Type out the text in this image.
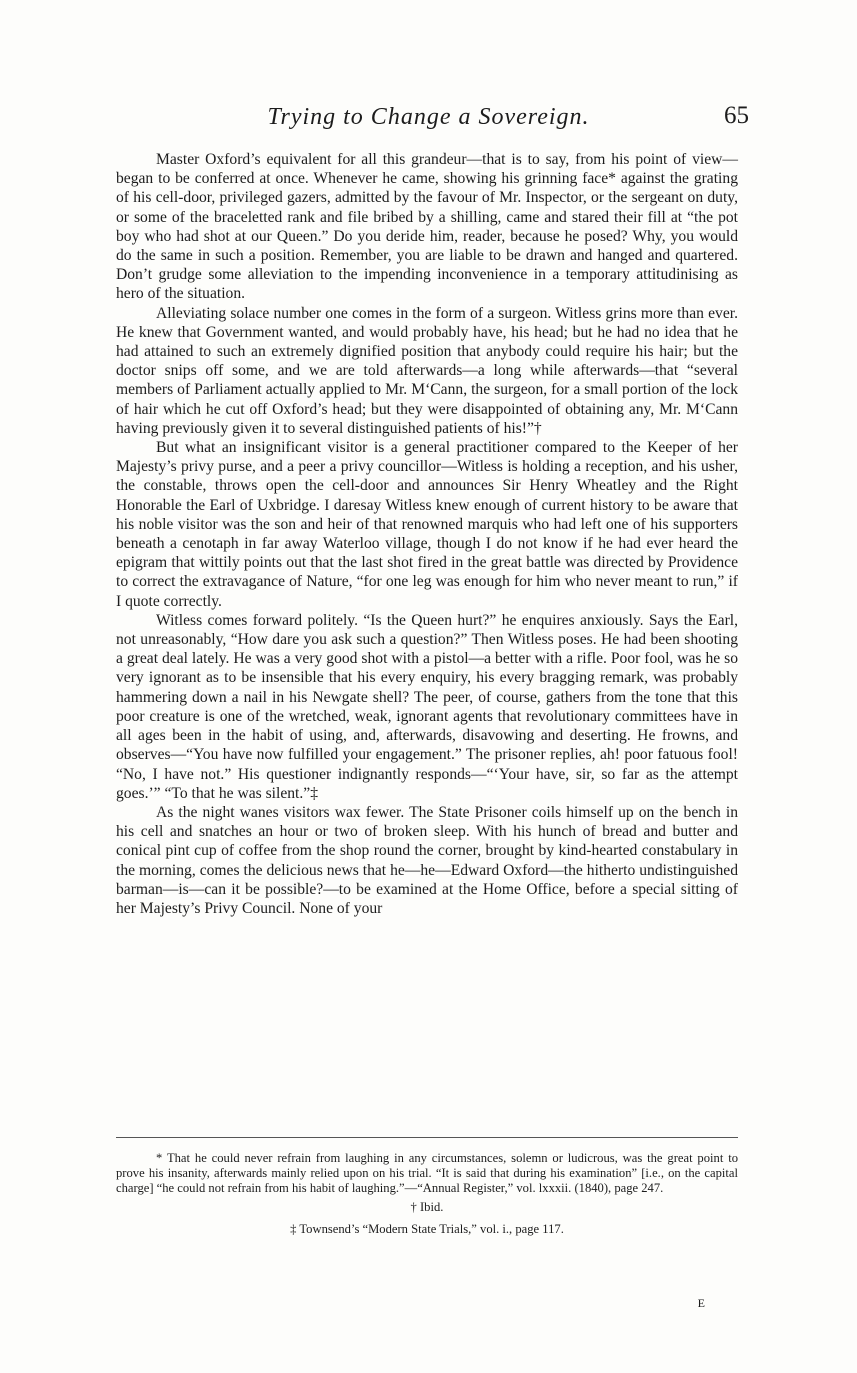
Trying to Change a Sovereign.	65

Master Oxford’s equivalent for all this grandeur—that is to say, from his point of view—began to be conferred at once. Whenever he came, showing his grinning face* against the grating of his cell-door, privileged gazers, admitted by the favour of Mr. Inspector, or the sergeant on duty, or some of the braceletted rank and file bribed by a shilling, came and stared their fill at “the pot boy who had shot at our Queen.” Do you deride him, reader, because he posed? Why, you would do the same in such a position. Remember, you are liable to be drawn and hanged and quartered. Don’t grudge some alleviation to the impending inconvenience in a temporary attitudinising as hero of the situation.

Alleviating solace number one comes in the form of a surgeon. Witless grins more than ever. He knew that Government wanted, and would probably have, his head; but he had no idea that he had attained to such an extremely dignified position that anybody could require his hair; but the doctor snips off some, and we are told afterwards—a long while afterwards—that “several members of Parliament actually applied to Mr. M‘Cann, the surgeon, for a small portion of the lock of hair which he cut off Oxford’s head; but they were disappointed of obtaining any, Mr. M‘Cann having previously given it to several distinguished patients of his!”†

But what an insignificant visitor is a general practitioner compared to the Keeper of her Majesty’s privy purse, and a peer a privy councillor—Witless is holding a reception, and his usher, the constable, throws open the cell-door and announces Sir Henry Wheatley and the Right Honorable the Earl of Uxbridge. I daresay Witless knew enough of current history to be aware that his noble visitor was the son and heir of that renowned marquis who had left one of his supporters beneath a cenotaph in far away Waterloo village, though I do not know if he had ever heard the epigram that wittily points out that the last shot fired in the great battle was directed by Providence to correct the extravagance of Nature, “for one leg was enough for him who never meant to run,” if I quote correctly.

Witless comes forward politely. “Is the Queen hurt?” he enquires anxiously. Says the Earl, not unreasonably, “How dare you ask such a question?” Then Witless poses. He had been shooting a great deal lately. He was a very good shot with a pistol—a better with a rifle. Poor fool, was he so very ignorant as to be insensible that his every enquiry, his every bragging remark, was probably hammering down a nail in his Newgate shell? The peer, of course, gathers from the tone that this poor creature is one of the wretched, weak, ignorant agents that revolutionary committees have in all ages been in the habit of using, and, afterwards, disavowing and deserting. He frowns, and observes—“You have now fulfilled your engagement.” The prisoner replies, ah! poor fatuous fool! “No, I have not.” His questioner indignantly responds—“‘Your have, sir, so far as the attempt goes.’” “To that he was silent.”‡

As the night wanes visitors wax fewer. The State Prisoner coils himself up on the bench in his cell and snatches an hour or two of broken sleep. With his hunch of bread and butter and conical pint cup of coffee from the shop round the corner, brought by kind-hearted constabulary in the morning, comes the delicious news that he—he—Edward Oxford—the hitherto undistinguished barman—is—can it be possible?—to be examined at the Home Office, before a special sitting of her Majesty’s Privy Council. None of your

* That he could never refrain from laughing in any circumstances, solemn or ludicrous, was the great point to prove his insanity, afterwards mainly relied upon on his trial. “It is said that during his examination” [i.e., on the capital charge] “he could not refrain from his habit of laughing.”—“Annual Register,” vol. lxxxii. (1840), page 247.

† Ibid.

‡ Townsend’s “Modern State Trials,” vol. i., page 117.

E
